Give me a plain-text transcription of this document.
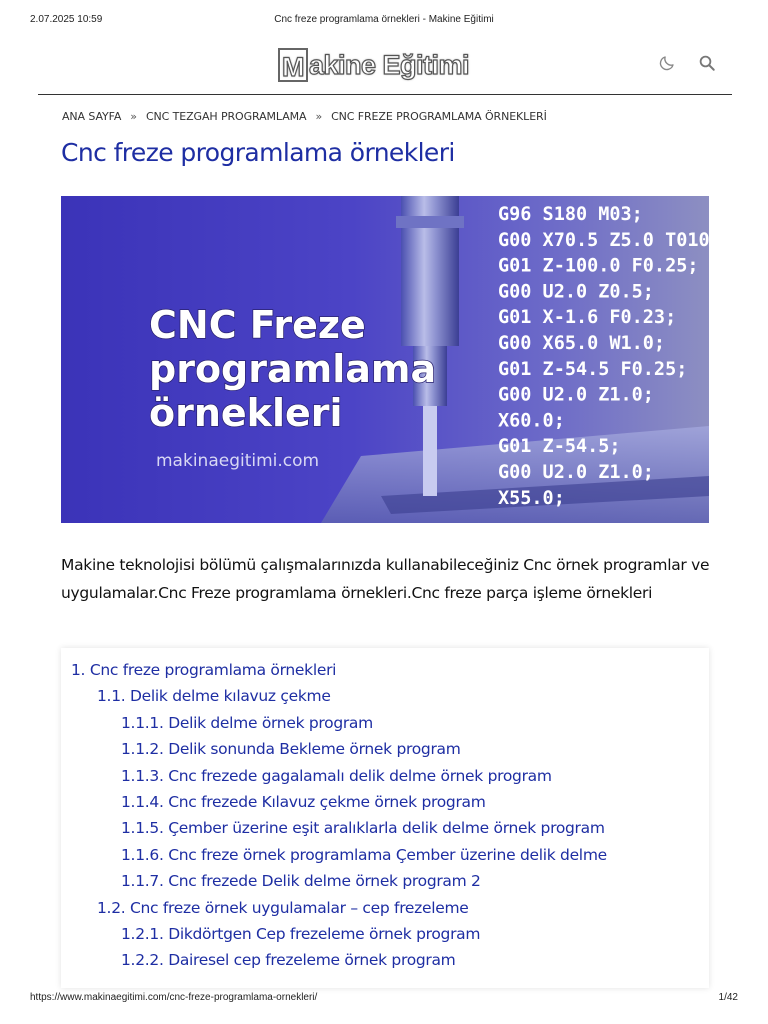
2.07.2025 10:59	Cnc freze programlama örnekleri - Makine Eğitimi
M akine Eğitimi
ANA SAYFA » CNC TEZGAH PROGRAMLAMA » CNC FREZE PROGRAMLAMA ÖRNEKLERİ
Cnc freze programlama örnekleri
CNC Freze
programlama
örnekleri
makinaegitimi.com
G96 S180 M03;
G00 X70.5 Z5.0 T0101 M
G01 Z-100.0 F0.25;
G00 U2.0 Z0.5;
G01 X-1.6 F0.23;
G00 X65.0 W1.0;
G01 Z-54.5 F0.25;
G00 U2.0 Z1.0;
X60.0;
G01 Z-54.5;
G00 U2.0 Z1.0;
X55.0;

Makine teknolojisi bölümü çalışmalarınızda kullanabileceğiniz Cnc örnek programlar ve uygulamalar.Cnc Freze programlama örnekleri.Cnc freze parça işleme örnekleri

1. Cnc freze programlama örnekleri
1.1. Delik delme kılavuz çekme
1.1.1. Delik delme örnek program
1.1.2. Delik sonunda Bekleme örnek program
1.1.3. Cnc frezede gagalamalı delik delme örnek program
1.1.4. Cnc frezede Kılavuz çekme örnek program
1.1.5. Çember üzerine eşit aralıklarla delik delme örnek program
1.1.6. Cnc freze örnek programlama Çember üzerine delik delme
1.1.7. Cnc frezede Delik delme örnek program 2
1.2. Cnc freze örnek uygulamalar – cep frezeleme
1.2.1. Dikdörtgen Cep frezeleme örnek program
1.2.2. Dairesel cep frezeleme örnek program
https://www.makinaegitimi.com/cnc-freze-programlama-ornekleri/	1/42
